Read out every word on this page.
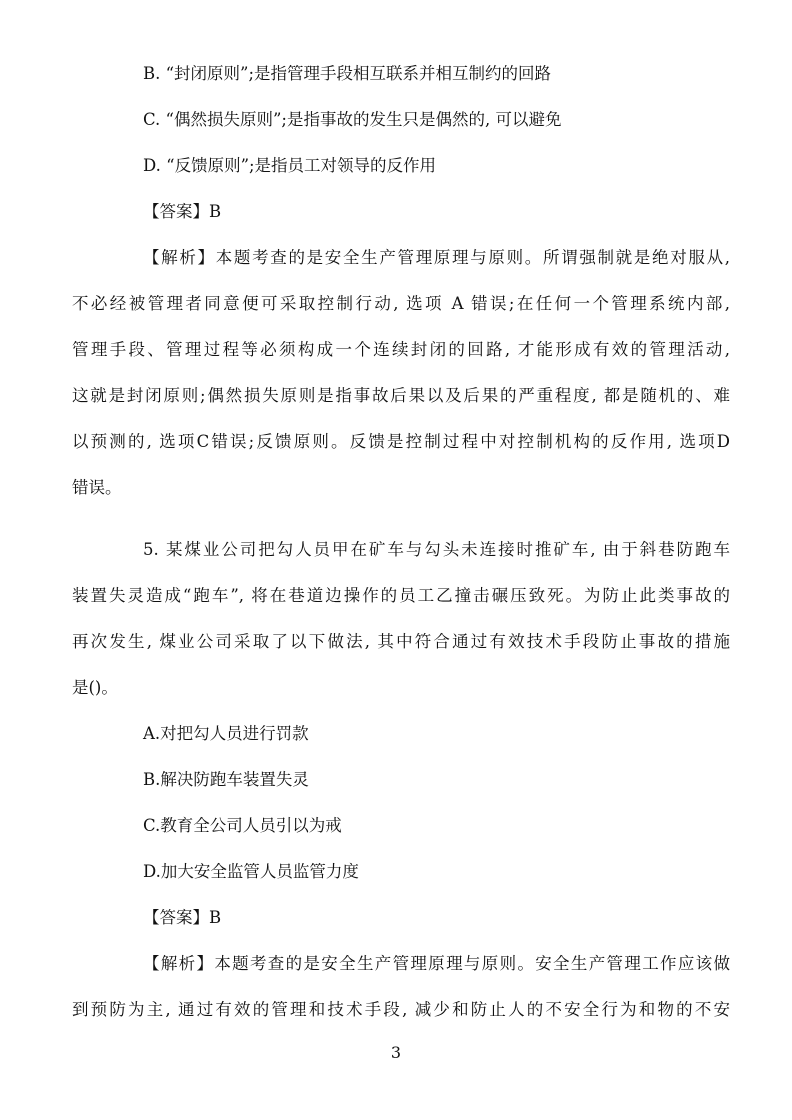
B. “封闭原则”;是指管理手段相互联系并相互制约的回路
C. “偶然损失原则”;是指事故的发生只是偶然的, 可以避免
D. “反馈原则”;是指员工对领导的反作用
【答案】B
【解析】本题考查的是安全生产管理原理与原则。所谓强制就是绝对服从,
不必经被管理者同意便可采取控制行动, 选项 A 错误;在任何一个管理系统内部,
管理手段、管理过程等必须构成一个连续封闭的回路, 才能形成有效的管理活动,
这就是封闭原则;偶然损失原则是指事故后果以及后果的严重程度, 都是随机的、难
以预测的, 选项C错误;反馈原则。反馈是控制过程中对控制机构的反作用, 选项D
错误。
5. 某煤业公司把勾人员甲在矿车与勾头未连接时推矿车, 由于斜巷防跑车
装置失灵造成“跑车”, 将在巷道边操作的员工乙撞击碾压致死。为防止此类事故的
再次发生, 煤业公司采取了以下做法, 其中符合通过有效技术手段防止事故的措施
是()。
A.对把勾人员进行罚款
B.解决防跑车装置失灵
C.教育全公司人员引以为戒
D.加大安全监管人员监管力度
【答案】B
【解析】本题考查的是安全生产管理原理与原则。安全生产管理工作应该做
到预防为主, 通过有效的管理和技术手段, 减少和防止人的不安全行为和物的不安
3
